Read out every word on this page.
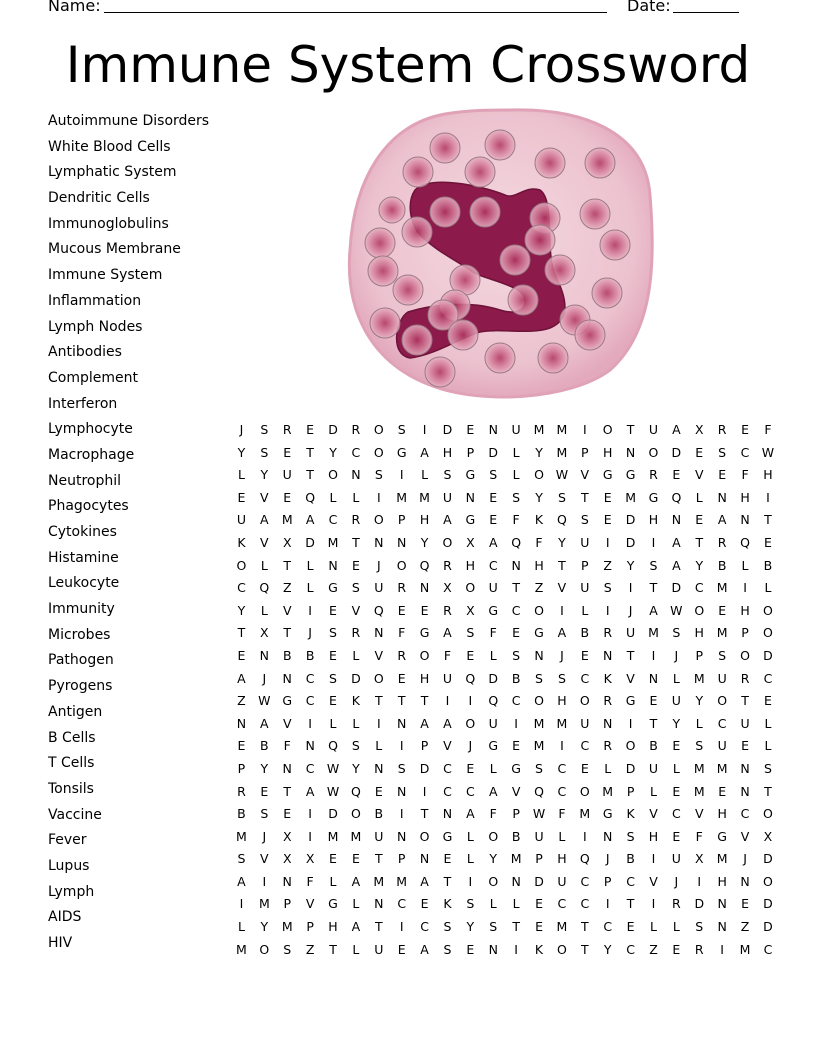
Name:	Date:
Immune System Crossword
Autoimmune Disorders
White Blood Cells
Lymphatic System
Dendritic Cells
Immunoglobulins
Mucous Membrane
Immune System
Inflammation
Lymph Nodes
Antibodies
Complement
Interferon
Lymphocyte
Macrophage
Neutrophil
Phagocytes
Cytokines
Histamine
Leukocyte
Immunity
Microbes
Pathogen
Pyrogens
Antigen
B Cells
T Cells
Tonsils
Vaccine
Fever
Lupus
Lymph
AIDS
HIV
J S R E D R O S I D E N U M M I O T U A X R E F
Y S E T Y C O G A H P D L Y M P H N O D E S C W
L Y U T O N S I L S G S L O W V G G R E V E F H
E V E Q L L I M M U N E S Y S T E M G Q L N H I
U A M A C R O P H A G E F K Q S E D H N E A N T
K V X D M T N N Y O X A Q F Y U I D I A T R Q E
O L T L N E J O Q R H C N H T P Z Y S A Y B L B
C Q Z L G S U R N X O U T Z V U S I T D C M I L
Y L V I E V Q E E R X G C O I L I J A W O E H O
T X T J S R N F G A S F E G A B R U M S H M P O
E N B B E L V R O F E L S N J E N T I J P S O D
A J N C S D O E H U Q D B S S C K V N L M U R C
Z W G C E K T T T I I Q C O H O R G E U Y O T E
N A V I L L I N A A O U I M M U N I T Y L C U L
E B F N Q S L I P V J G E M I C R O B E S U E L
P Y N C W Y N S D C E L G S C E L D U L M M N S
R E T A W Q E N I C C A V Q C O M P L E M E N T
B S E I D O B I T N A F P W F M G K V C V H C O
M J X I M M U N O G L O B U L I N S H E F G V X
S V X X E E T P N E L Y M P H Q J B I U X M J D
A I N F L A M M A T I O N D U C P C V J I H N O
I M P V G L N C E K S L L E C C I T I R D N E D
L Y M P H A T I C S Y S T E M T C E L L S N Z D
M O S Z T L U E A S E N I K O T Y C Z E R I M C
